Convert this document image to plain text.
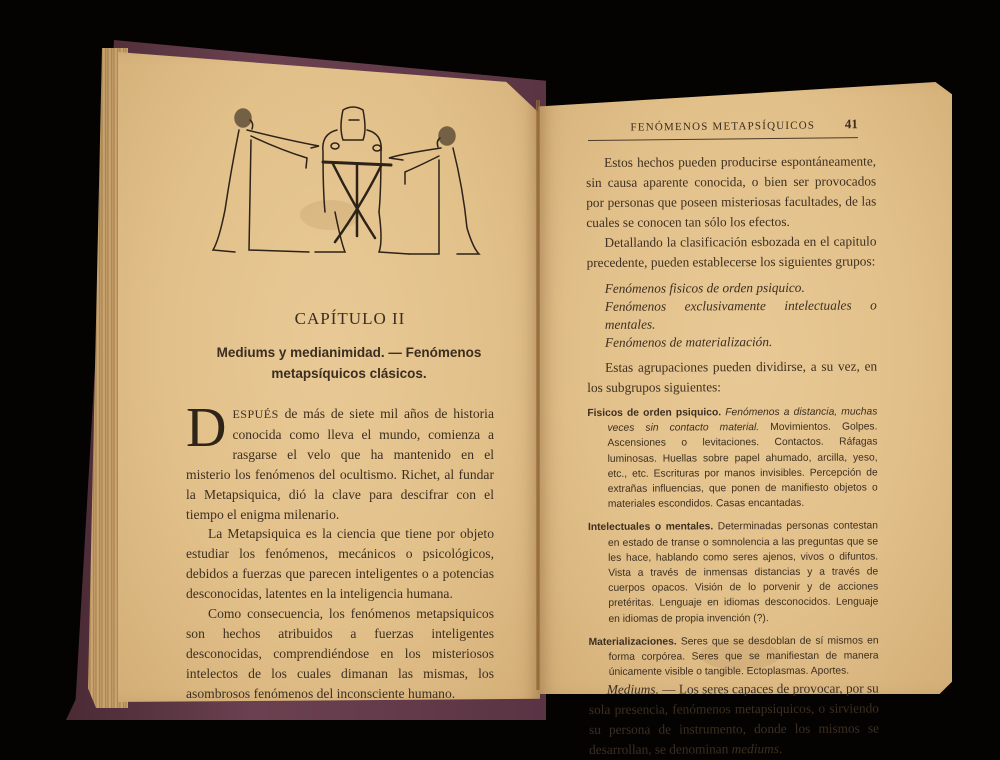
CAPÍTULO II
Mediums y medianimidad. — Fenómenos metapsíquicos clásicos.

DESPUÉS de más de siete mil años de historia conocida como lleva el mundo, comienza a rasgarse el velo que ha mantenido en el misterio los fenómenos del ocultismo. Richet, al fundar la Metapsiquica, dió la clave para descifrar con el tiempo el enigma milenario.

La Metapsiquica es la ciencia que tiene por objeto estudiar los fenómenos, mecánicos o psicológicos, debidos a fuerzas que parecen inteligentes o a potencias desconocidas, latentes en la inteligencia humana.

Como consecuencia, los fenómenos metapsiquicos son hechos atribuidos a fuerzas inteligentes desconocidas, comprendiéndose en los misteriosos intelectos de los cuales dimanan las mismas, los asombrosos fenómenos del inconsciente humano.

FENÓMENOS METAPSÍQUICOS	41

Estos hechos pueden producirse espontáneamente, sin causa aparente conocida, o bien ser provocados por personas que poseen misteriosas facultades, de las cuales se conocen tan sólo los efectos.

Detallando la clasificación esbozada en el capitulo precedente, pueden establecerse los siguientes grupos:

Fenómenos fisicos de orden psiquico.
Fenómenos exclusivamente intelectuales o mentales.
Fenómenos de materialización.

Estas agrupaciones pueden dividirse, a su vez, en los subgrupos siguientes:

Fisicos de orden psiquico. Fenómenos a distancia, muchas veces sin contacto material. Movimientos. Golpes. Ascensiones o levitaciones. Contactos. Ráfagas luminosas. Huellas sobre papel ahumado, arcilla, yeso, etc., etc. Escrituras por manos invisibles. Percepción de extrañas influencias, que ponen de manifiesto objetos o materiales escondidos. Casas encantadas.
Intelectuales o mentales. Determinadas personas contestan en estado de transe o somnolencia a las preguntas que se les hace, hablando como seres ajenos, vivos o difuntos. Vista a través de inmensas distancias y a través de cuerpos opacos. Visión de lo porvenir y de acciones pretéritas. Lenguaje en idiomas desconocidos. Lenguaje en idiomas de propia invención (?).
Materializaciones. Seres que se desdoblan de sí mismos en forma corpórea. Seres que se manifiestan de manera únicamente visible o tangible. Ectoplasmas. Aportes.

Mediums. — Los seres capaces de provocar, por su sola presencia, fenómenos metapsiquicos, o sirviendo su persona de instrumento, donde los mismos se desarrollan, se denominan mediums.
